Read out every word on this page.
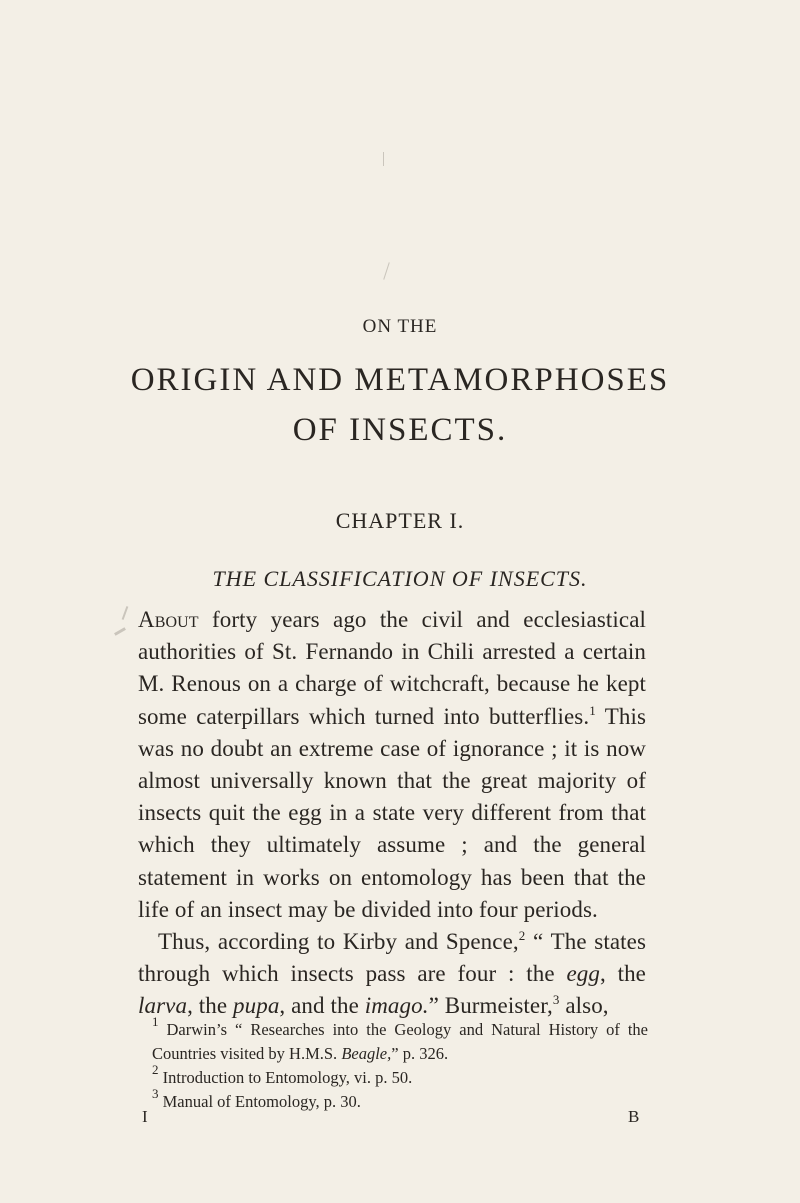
ON THE
ORIGIN AND METAMORPHOSES
OF INSECTS.
CHAPTER I.
THE CLASSIFICATION OF INSECTS.

About forty years ago the civil and ecclesiastical authorities of St. Fernando in Chili arrested a certain M. Renous on a charge of witchcraft, because he kept some caterpillars which turned into butterflies.$^1$ This was no doubt an extreme case of ignorance ; it is now almost universally known that the great majority of insects quit the egg in a state very different from that which they ultimately assume ; and the general statement in works on entomology has been that the life of an insect may be divided into four periods.

Thus, according to Kirby and Spence,$^2$ “ The states through which insects pass are four : the egg, the larva, the pupa, and the imago.” Burmeister,$^3$ also,

$^1$ Darwin’s “ Researches into the Geology and Natural History of the Countries visited by H.M.S. Beagle,” p. 326.

$^2$ Introduction to Entomology, vi. p. 50.

$^3$ Manual of Entomology, p. 30.

I	B
